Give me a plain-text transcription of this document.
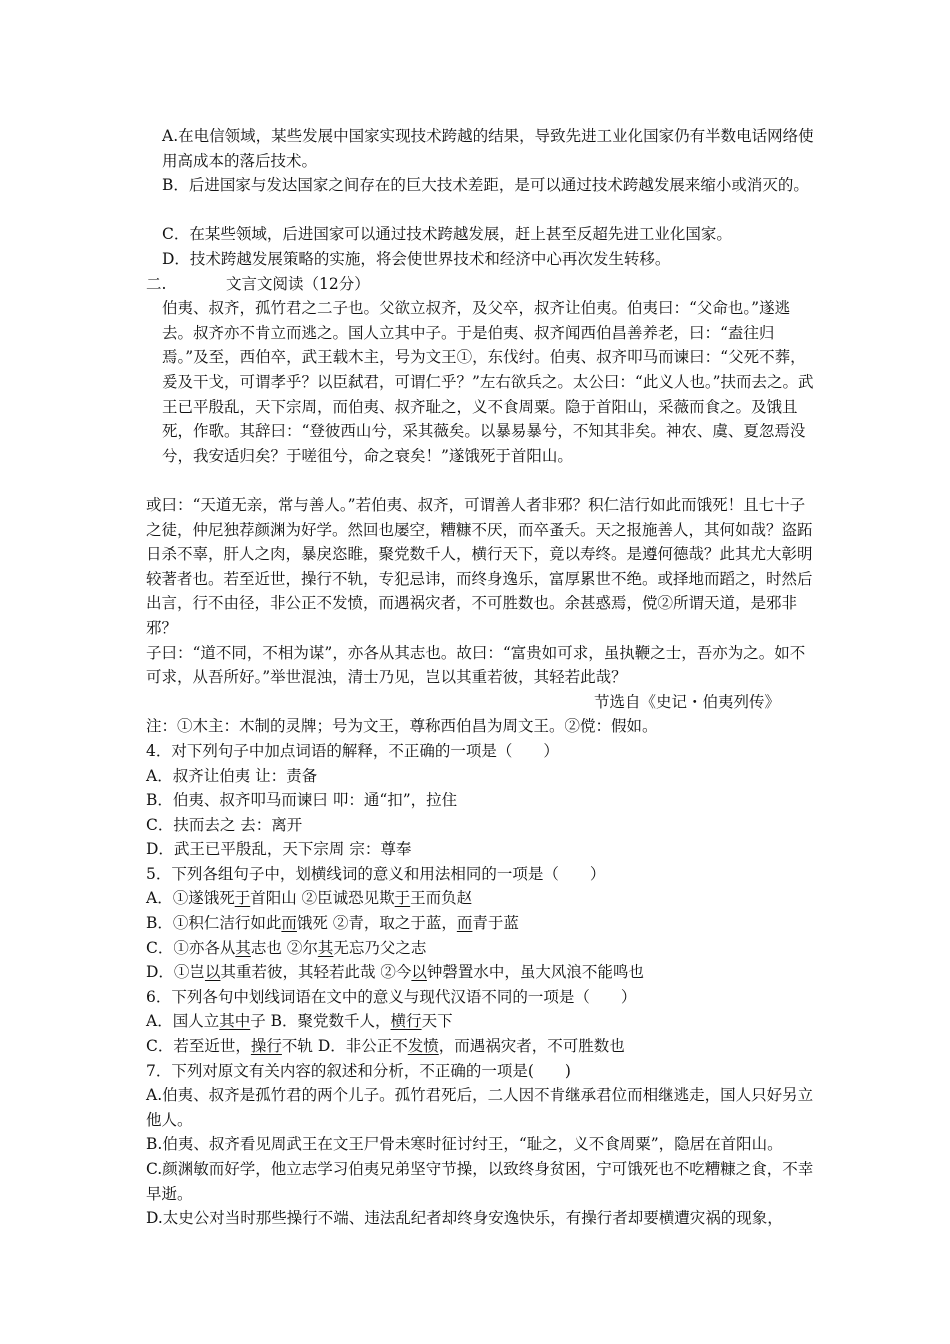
A.在电信领域，某些发展中国家实现技术跨越的结果，导致先进工业化国家仍有半数电话网络使用高成本的落后技术。
B．后进国家与发达国家之间存在的巨大技术差距，是可以通过技术跨越发展来缩小或消灭的。
C．在某些领域，后进国家可以通过技术跨越发展，赶上甚至反超先进工业化国家。
D．技术跨越发展策略的实施，将会使世界技术和经济中心再次发生转移。
二.	文言文阅读（12分）
伯夷、叔齐，孤竹君之二子也。父欲立叔齐，及父卒，叔齐让伯夷。伯夷曰：“父命也。”遂逃去。叔齐亦不肯立而逃之。国人立其中子。于是伯夷、叔齐闻西伯昌善养老，曰：“盍往归焉。”及至，西伯卒，武王载木主，号为文王①，东伐纣。伯夷、叔齐叩马而谏曰：“父死不葬，爰及干戈，可谓孝乎？以臣弑君，可谓仁乎？”左右欲兵之。太公曰：“此义人也。”扶而去之。武王已平殷乱，天下宗周，而伯夷、叔齐耻之，义不食周粟。隐于首阳山，采薇而食之。及饿且死，作歌。其辞曰：“登彼西山兮，采其薇矣。以暴易暴兮，不知其非矣。神农、虞、夏忽焉没兮，我安适归矣？于嗟徂兮，命之衰矣！”遂饿死于首阳山。
或曰：“天道无亲，常与善人。”若伯夷、叔齐，可谓善人者非邪？积仁洁行如此而饿死！且七十子之徒，仲尼独荐颜渊为好学。然回也屡空，糟糠不厌，而卒蚤夭。天之报施善人，其何如哉？盗跖日杀不辜，肝人之肉，暴戾恣睢，聚党数千人，横行天下，竟以寿终。是遵何德哉？此其尤大彰明较著者也。若至近世，操行不轨，专犯忌讳，而终身逸乐，富厚累世不绝。或择地而蹈之，时然后出言，行不由径，非公正不发愤，而遇祸灾者，不可胜数也。余甚惑焉，傥②所谓天道，是邪非邪？
子曰：“道不同，不相为谋”，亦各从其志也。故曰：“富贵如可求，虽执鞭之士，吾亦为之。如不可求，从吾所好。”举世混浊，清士乃见，岂以其重若彼，其轻若此哉？
节选自《史记・伯夷列传》
注：①木主：木制的灵牌；号为文王，尊称西伯昌为周文王。②傥：假如。
4．对下列句子中加点词语的解释，不正确的一项是（　　）
A．叔齐让伯夷 让：责备
B．伯夷、叔齐叩马而谏曰 叩：通“扣”，拉住
C．扶而去之 去：离开
D．武王已平殷乱，天下宗周 宗：尊奉
5．下列各组句子中，划横线词的意义和用法相同的一项是（　　）
A．①遂饿死于首阳山 ②臣诚恐见欺于王而负赵
B．①积仁洁行如此而饿死 ②青，取之于蓝，而青于蓝
C．①亦各从其志也 ②尔其无忘乃父之志
D．①岂以其重若彼，其轻若此哉 ②今以钟磬置水中，虽大风浪不能鸣也
6．下列各句中划线词语在文中的意义与现代汉语不同的一项是（　　）
A．国人立其中子 B．聚党数千人，横行天下
C．若至近世，操行不轨 D．非公正不发愤，而遇祸灾者，不可胜数也
7．下列对原文有关内容的叙述和分析，不正确的一项是(　　)
A.伯夷、叔齐是孤竹君的两个儿子。孤竹君死后，二人因不肯继承君位而相继逃走，国人只好另立他人。
B.伯夷、叔齐看见周武王在文王尸骨未寒时征讨纣王，“耻之，义不食周粟”，隐居在首阳山。
C.颜渊敏而好学，他立志学习伯夷兄弟坚守节操，以致终身贫困，宁可饿死也不吃糟糠之食，不幸早逝。
D.太史公对当时那些操行不端、违法乱纪者却终身安逸快乐，有操行者却要横遭灾祸的现象，
